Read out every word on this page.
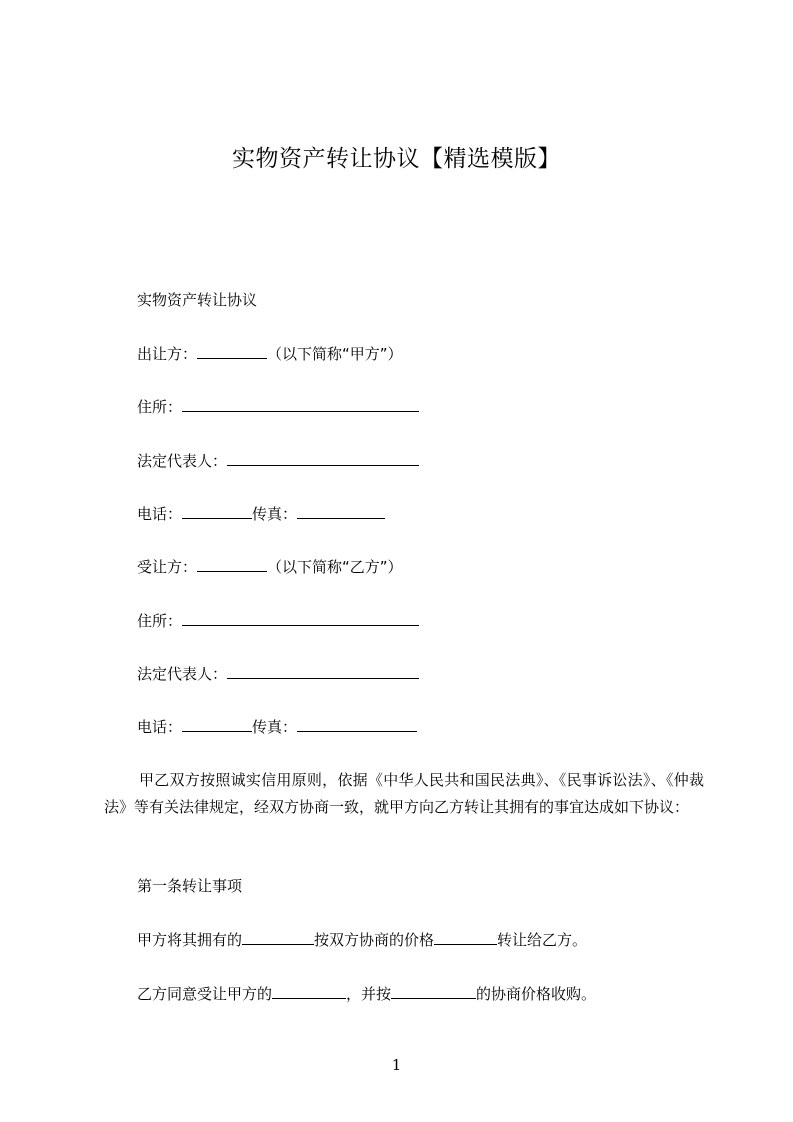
实物资产转让协议【精选模版】
实物资产转让协议
出让方：	（以下简称“甲方”）
住所：
法定代表人：
电话：	传真：
受让方：	（以下简称“乙方”）
住所：
法定代表人：
电话：	传真：
甲乙双方按照诚实信用原则，依据《中华人民共和国民法典》、《民事诉讼法》、《仲裁法》等有关法律规定，经双方协商一致，就甲方向乙方转让其拥有的事宜达成如下协议：
第一条转让事项
甲方将其拥有的	按双方协商的价格	转让给乙方。
乙方同意受让甲方的	，并按	的协商价格收购。
1
